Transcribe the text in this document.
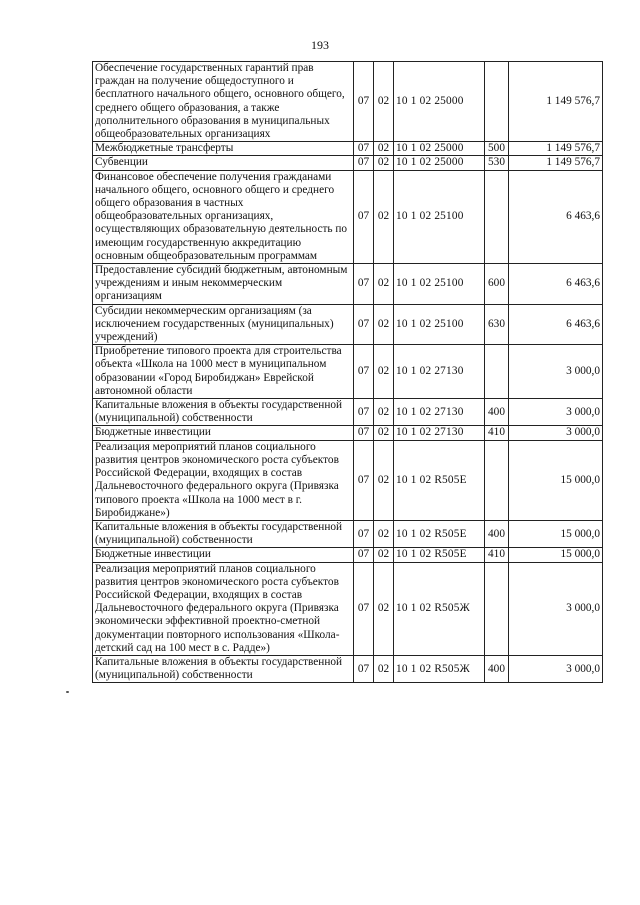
193
Обеспечение государственных гарантий прав граждан на получение общедоступного и бесплатного начального общего, основного общего, среднего общего образования, а также дополнительного образования в муниципальных общеобразовательных организациях	07	02	10 1 02 25000		1 149 576,7
Межбюджетные трансферты	07	02	10 1 02 25000	500	1 149 576,7
Субвенции	07	02	10 1 02 25000	530	1 149 576,7
Финансовое обеспечение получения гражданами начального общего, основного общего и среднего общего образования в частных общеобразовательных организациях, осуществляющих образовательную деятельность по имеющим государственную аккредитацию основным общеобразовательным программам	07	02	10 1 02 25100		6 463,6
Предоставление субсидий бюджетным, автономным учреждениям и иным некоммерческим организациям	07	02	10 1 02 25100	600	6 463,6
Субсидии некоммерческим организациям (за исключением государственных (муниципальных) учреждений)	07	02	10 1 02 25100	630	6 463,6
Приобретение типового проекта для строительства объекта «Школа на 1000 мест в муниципальном образовании «Город Биробиджан» Еврейской автономной области	07	02	10 1 02 27130		3 000,0
Капитальные вложения в объекты государственной (муниципальной) собственности	07	02	10 1 02 27130	400	3 000,0
Бюджетные инвестиции	07	02	10 1 02 27130	410	3 000,0
Реализация мероприятий планов социального развития центров экономического роста субъектов Российской Федерации, входящих в состав Дальневосточного федерального округа (Привязка типового проекта «Школа на 1000 мест в г. Биробиджане»)	07	02	10 1 02 R505E		15 000,0
Капитальные вложения в объекты государственной (муниципальной) собственности	07	02	10 1 02 R505E	400	15 000,0
Бюджетные инвестиции	07	02	10 1 02 R505E	410	15 000,0
Реализация мероприятий планов социального развития центров экономического роста субъектов Российской Федерации, входящих в состав Дальневосточного федерального округа (Привязка экономически эффективной проектно-сметной документации повторного использования «Школа-детский сад на 100 мест в с. Радде»)	07	02	10 1 02 R505Ж		3 000,0
Капитальные вложения в объекты государственной (муниципальной) собственности	07	02	10 1 02 R505Ж	400	3 000,0
